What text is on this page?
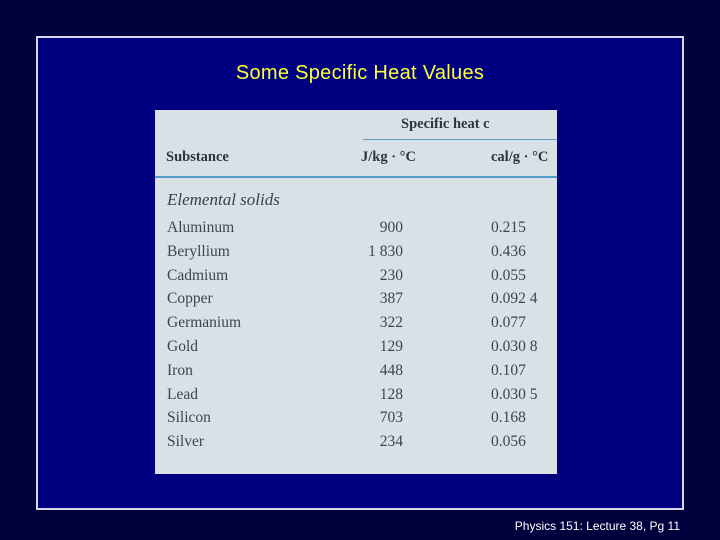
Some Specific Heat Values
Specific heat c
Substance	J/kg · °C	cal/g · °C
Elemental solids
Aluminum	900	0.215
Beryllium	1 830	0.436
Cadmium	230	0.055
Copper	387	0.092 4
Germanium	322	0.077
Gold	129	0.030 8
Iron	448	0.107
Lead	128	0.030 5
Silicon	703	0.168
Silver	234	0.056
Physics 151: Lecture 38, Pg 11
